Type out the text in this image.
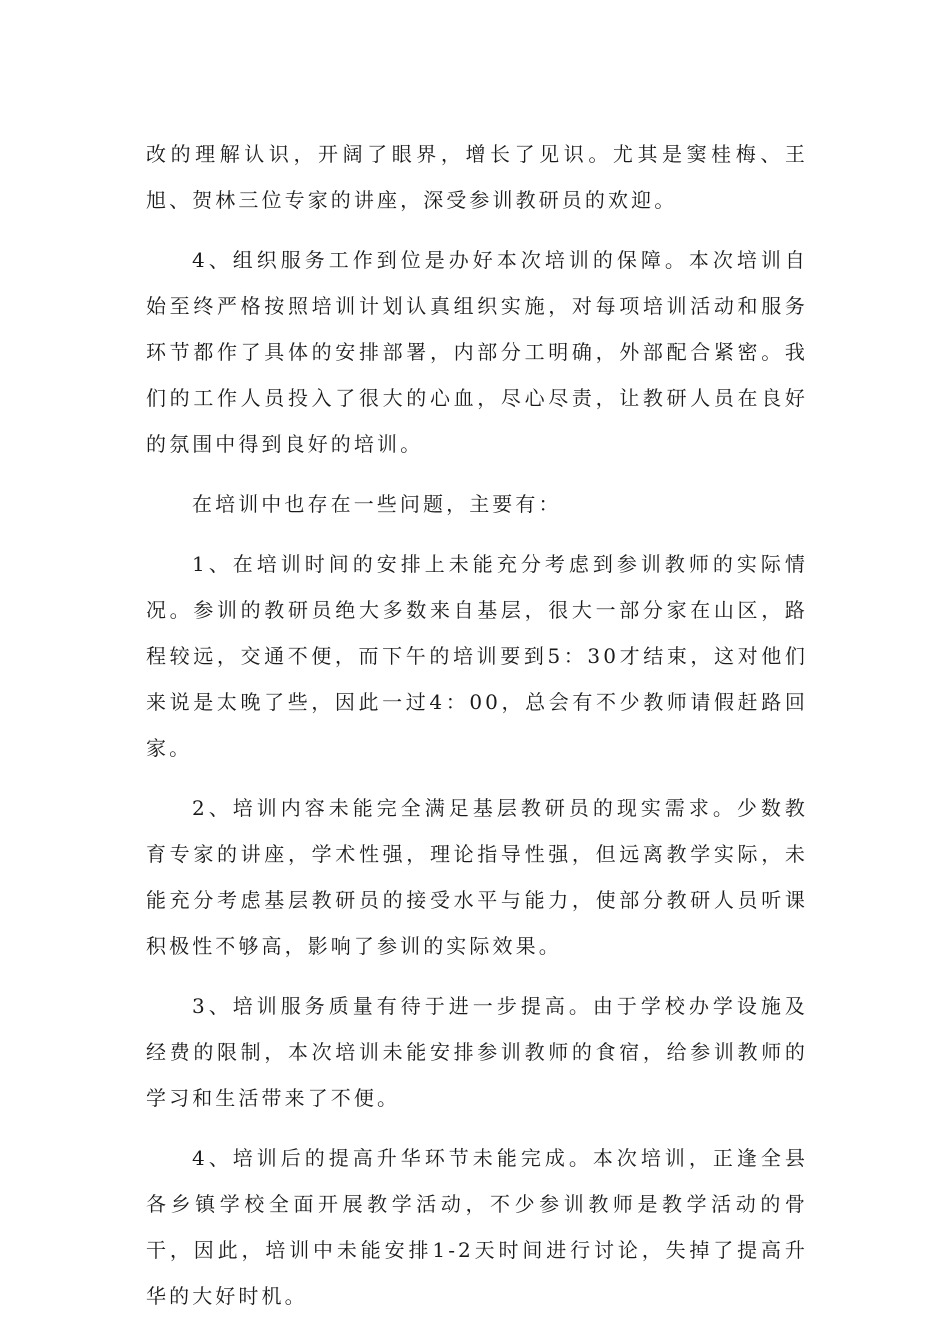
改的理解认识，开阔了眼界，增长了见识。尤其是窦桂梅、王旭、贺林三位专家的讲座，深受参训教研员的欢迎。

4、组织服务工作到位是办好本次培训的保障。本次培训自始至终严格按照培训计划认真组织实施，对每项培训活动和服务环节都作了具体的安排部署，内部分工明确，外部配合紧密。我们的工作人员投入了很大的心血，尽心尽责，让教研人员在良好的氛围中得到良好的培训。

在培训中也存在一些问题，主要有：

1、在培训时间的安排上未能充分考虑到参训教师的实际情况。参训的教研员绝大多数来自基层，很大一部分家在山区，路程较远，交通不便，而下午的培训要到5：30才结束，这对他们来说是太晚了些，因此一过4：00，总会有不少教师请假赶路回家。

2、培训内容未能完全满足基层教研员的现实需求。少数教育专家的讲座，学术性强，理论指导性强，但远离教学实际，未能充分考虑基层教研员的接受水平与能力，使部分教研人员听课积极性不够高，影响了参训的实际效果。

3、培训服务质量有待于进一步提高。由于学校办学设施及经费的限制，本次培训未能安排参训教师的食宿，给参训教师的学习和生活带来了不便。

4、培训后的提高升华环节未能完成。本次培训，正逢全县各乡镇学校全面开展教学活动，不少参训教师是教学活动的骨干，因此，培训中未能安排1-2天时间进行讨论，失掉了提高升华的大好时机。
